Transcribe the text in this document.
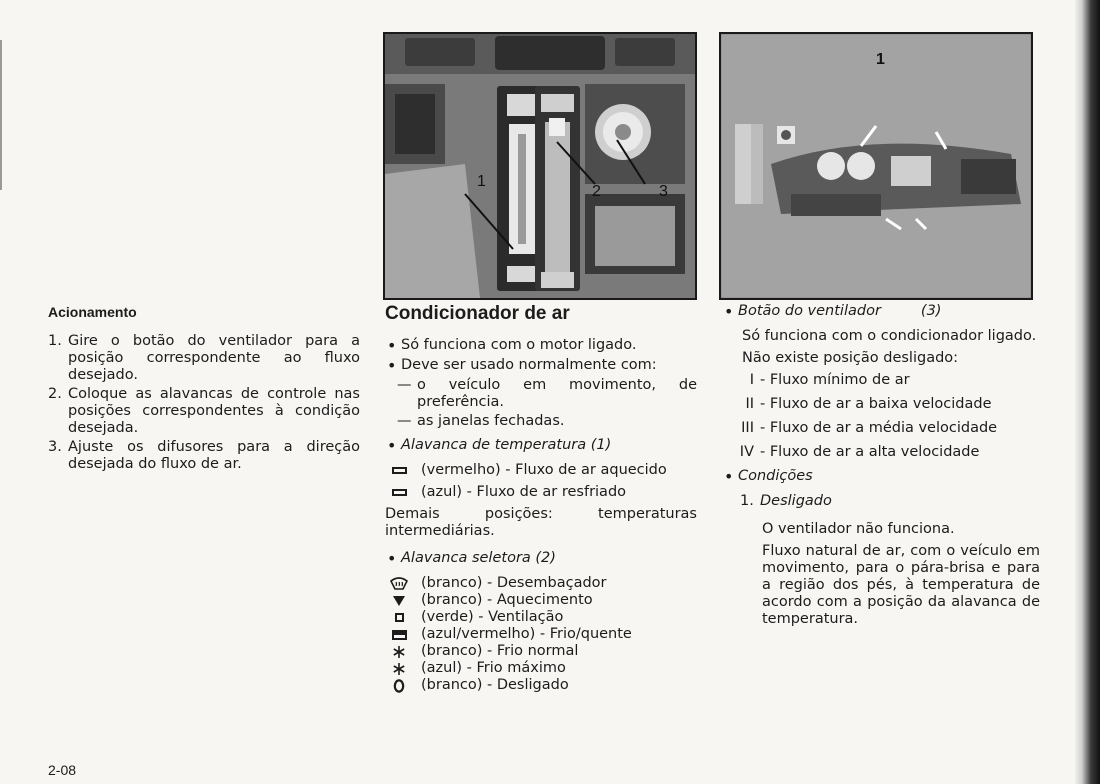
Acionamento
1. Gire o botão do ventilador para a posição correspondente ao fluxo desejado.
2. Coloque as alavancas de controle nas posições correspondentes à condição desejada.
3. Ajuste os difusores para a direção desejada do fluxo de ar.
2-08
1
2	3
1
Condicionador de ar
• Só funciona com o motor ligado.
• Deve ser usado normalmente com:
— o veículo em movimento, de preferência.
— as janelas fechadas.
• Alavanca de temperatura (1)
(vermelho) - Fluxo de ar aquecido
(azul) - Fluxo de ar resfriado
Demais posições: temperaturas intermediárias.
• Alavanca seletora (2)
(branco) - Desembaçador
(branco) - Aquecimento
(verde) - Ventilação
(azul/vermelho) - Frio/quente
(branco) - Frio normal
(azul) - Frio máximo
(branco) - Desligado
• Botão do ventilador	(3)
Só funciona com o condicionador ligado.
Não existe posição desligado:
I - Fluxo mínimo de ar
II - Fluxo de ar a baixa velocidade
III - Fluxo de ar a média velocidade
IV - Fluxo de ar a alta velocidade
• Condições
1. Desligado
O ventilador não funciona.
Fluxo natural de ar, com o veículo em movimento, para o pára-brisa e para a região dos pés, à temperatura de acordo com a posição da alavanca de temperatura.
